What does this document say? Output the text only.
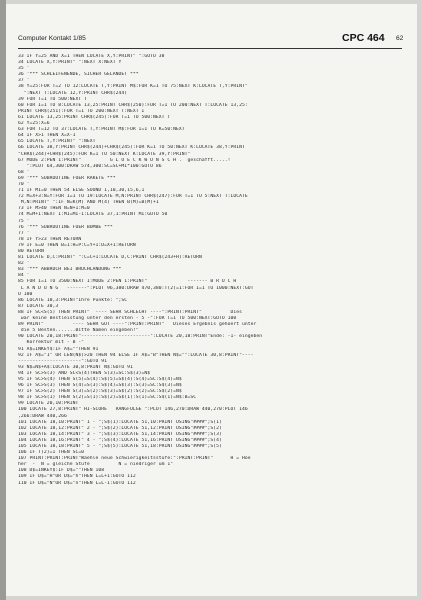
Computer Kontakt 1/85	CPC 464 62
33 IF Y=25 AND X=1 THEN LOCATE X,Y:PRINT" ":GOTO 38
34 LOCATE X,Y:PRINT" ":NEXT X:NEXT Y
35 '
36 '*** SCHLEIFENENDE, SICHER GELANDET ***
37 '
38 Y=25:FOR T=2 TO 12:LOCATE T,Y:PRINT M$:FOR K=1 TO 75:NEXT K:LOCATE T,Y:PRINT"
":NEXT T:LOCATE 12,Y:PRINT CHR$(244)
39 FOR T=1 TO 500:NEXT T
60 FOR I=1 TO 8:LOCATE 13,25:PRINT CHR$(250):FOR T=1 TO 200:NEXT T:LOCATE 13,25:
PRINT CHR$(251):FOR T=1 TO 200:NEXT T:NEXT I
61 LOCATE 13,25:PRINT CHR$(245):FOR T=1 TO 500:NEXT T
62 Y=25:X=6
63 FOR T=12 TO 37:LOCATE T,Y:PRINT M$:FOR I=1 TO K=50:NEXT
64 IF X>1 THEN X=X-1
65 LOCATE T,Y:PRINT" ":NEXT
66 LOCATE 38,Y:PRINT CHR$(244)+CHR$(245):FOR K=1 TO 50:NEXT K:LOCATE 38,Y:PRINT
"CHR$(244)+CHR$(245):FOR K=1 TO 50:NEXT K:LOCATE 39,Y:PRINT"
67 MODE 2:PEN 1:PRINT"          G L U E C K W U N S C H .  geschafft.....!
":PLOT 64,300:DRAW 574,300:SC=SC+MI*100:GOTO 86
68 '
69 '*** SUBROUTINE FUER RAKETE ***
70 '
71 IF MI=0 THEN 54 ELSE SOUND 1,10,30,15,6,1
72 M=X+3:N=Y:FOR I=1 TO 19:LOCATE M,N:PRINT CHR$(247):FOR T=1 TO 5:NEXT T:LOCATE
M,N:PRINT" ":IF N=K(M) AND M(4) THEN B(M)=B(M)+1
73 IF M>40 THEN N=N+1:M=0
74 M=M+1:NEXT I:MI=MI-1:LOCATE 37,1:PRINT MI:GOTO 50
75 '
76 '*** SUBROUTINE FUER BOMBE ***
77 '
78 IF Y>23 THEN RETURN
79 IF E=0 THEN B=1:H=P:C=Y+1:D=X+1:RETURN
80 RETURN
81 LOCATE D,C:PRINT" ":C=C+1:LOCATE D,C:PRINT CHR$(243+H):RETURN
82 '
83 '*** ABBRUCH BEI BRUCHLANDUNG ***
84 '
85 FOR I=1 TO 3500:NEXT I:MODE 2:PEN 1:PRINT"              ------- B R U C H
L A N D U N G   -------":PLOT 96,380:DRAW 470,380:T(2)=1:FOR I=1 TO 1000:NEXT:GOT
O 100
86 LOCATE 10,3:PRINT"Ihre Punkte: ";SC
87 LOCATE 30,3
88 IF SC<S(5) THEN PRINT"  ---- SEHR SCHLECHT ----":PRINT:PRINT"          Dies
war keine Bestleistung unter den ersten - 5 -":FOR T=1 TO 500:NEXT:GOTO 100
89 PRINT"          ---- SEHR GUT ----":PRINT:PRINT"   Dieses Ergebnis gehoert unter
die 5 Besten.......Bitte Namen eingeben!"
90 LOCATE 20,18:PRINT"------------------------":LOCATE 20,18:PRINT"Ende: -1- eingeben
Korrektur mit - B -"
91 A$=INKEY$:IF A$=""THEN 91
92 IF A$="1" OR LEN(N$)>20 THEN 94 ELSE IF A$="B"THEN N$="":LOCATE 30,8:PRINT"----
----------------------":GOTO 91
93 N$=N$+A$:LOCATE 30,8:PRINT N$:GOTO 91
94 IF SC>S(3) AND SC<S(4)THEN S(3)=SC:S$(3)=N$
95 IF SC>S(4) THEN S(5)=S(4):S$(5)=S$(4):S(4)=SC:S$(4)=N$
96 IF SC>S(3) THEN S(4)=S(3):S$(4)=S$(3):S(3)=SC:S$(3)=N$
97 IF SC>S(2) THEN S(3)=S(2):S$(3)=S$(2):S(2)=SC:S$(2)=N$
98 IF SC>S(1) THEN S(2)=S(1):S$(2)=S$(1):S(1)=SC:S$(1)=N$:B=SC
99 LOCATE 20,10:PRINT
100 LOCATE 27,8:PRINT" HI-SCORE   RANGFOLGE ":PLOT 146,270:DRAW 440,270:PLOT 146
,266:DRAW 440,266
101 LOCATE 18,10:PRINT" 1 - ";S$(1):LOCATE 51,10:PRINT USING"####";S(1)
102 LOCATE 18,12:PRINT" 2 - ";S$(2):LOCATE 51,12:PRINT USING"####";S(2)
103 LOCATE 18,14:PRINT" 3 - ";S$(3):LOCATE 51,14:PRINT USING"####";S(3)
104 LOCATE 18,16:PRINT" 4 - ";S$(4):LOCATE 51,16:PRINT USING"####";S(4)
105 LOCATE 18,18:PRINT" 5 - ";S$(5):LOCATE 51,18:PRINT USING"####";S(5)
106 IF T(2)=1 THEN SC=0
107 PRINT:PRINT:PRINT"Waehle neue Schwierigkeitsstufe:":PRINT:PRINT"      H = Hoe
her  -  N = gleiche Stufe          N = niedriger um 1"
108 D$=INKEY$:IF D$=""THEN 108
109 IF D$="H"OR D$="h"THEN L=L+1:GOTO 112
110 IF D$="N"OR D$="n"THEN L=L-1:GOTO 112
